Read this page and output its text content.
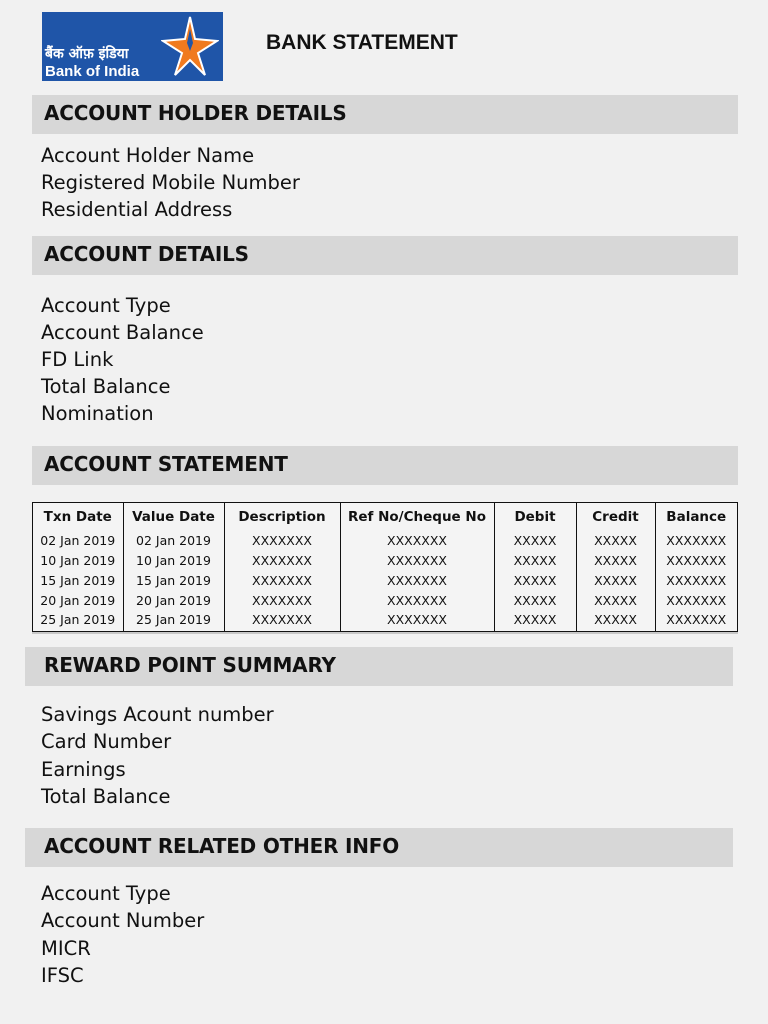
बैंक ऑफ़ इंडिया
Bank of India
BANK STATEMENT
ACCOUNT HOLDER DETAILS
Account Holder Name
Registered Mobile Number
Residential Address
ACCOUNT DETAILS
Account Type
Account Balance
FD Link
Total Balance
Nomination
ACCOUNT STATEMENT
Txn Date	Value Date	Description	Ref No/Cheque No	Debit	Credit	Balance
02 Jan 2019	02 Jan 2019	XXXXXXX	XXXXXXX	XXXXX	XXXXX	XXXXXXX
10 Jan 2019	10 Jan 2019	XXXXXXX	XXXXXXX	XXXXX	XXXXX	XXXXXXX
15 Jan 2019	15 Jan 2019	XXXXXXX	XXXXXXX	XXXXX	XXXXX	XXXXXXX
20 Jan 2019	20 Jan 2019	XXXXXXX	XXXXXXX	XXXXX	XXXXX	XXXXXXX
25 Jan 2019	25 Jan 2019	XXXXXXX	XXXXXXX	XXXXX	XXXXX	XXXXXXX
REWARD POINT SUMMARY
Savings Acount number
Card Number
Earnings
Total Balance
ACCOUNT RELATED OTHER INFO
Account Type
Account Number
MICR
IFSC
